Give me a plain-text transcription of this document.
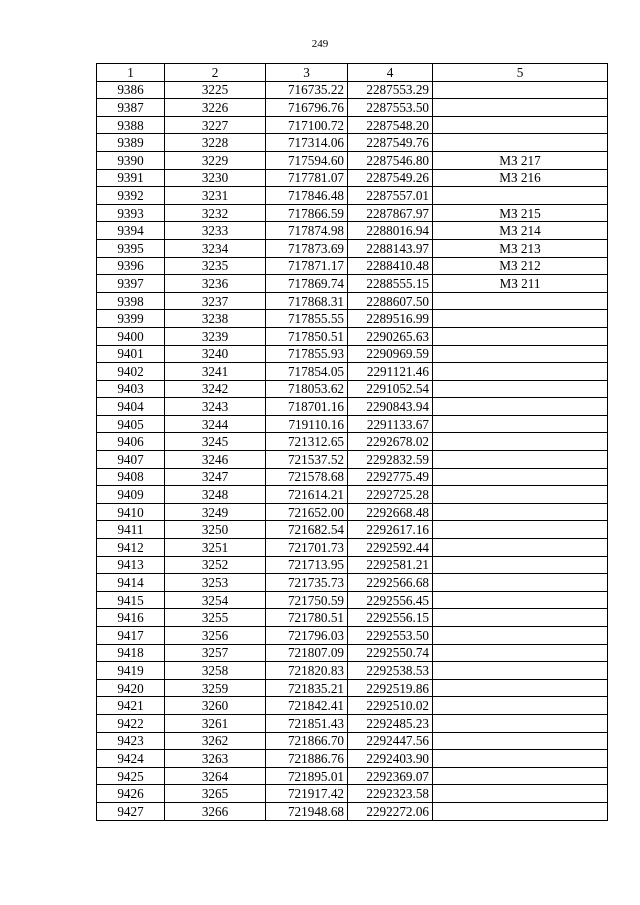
249
1	2	3	4	5
9386	3225	716735.22	2287553.29	
9387	3226	716796.76	2287553.50	
9388	3227	717100.72	2287548.20	
9389	3228	717314.06	2287549.76	
9390	3229	717594.60	2287546.80	МЗ 217
9391	3230	717781.07	2287549.26	МЗ 216
9392	3231	717846.48	2287557.01	
9393	3232	717866.59	2287867.97	МЗ 215
9394	3233	717874.98	2288016.94	МЗ 214
9395	3234	717873.69	2288143.97	МЗ 213
9396	3235	717871.17	2288410.48	МЗ 212
9397	3236	717869.74	2288555.15	МЗ 211
9398	3237	717868.31	2288607.50	
9399	3238	717855.55	2289516.99	
9400	3239	717850.51	2290265.63	
9401	3240	717855.93	2290969.59	
9402	3241	717854.05	2291121.46	
9403	3242	718053.62	2291052.54	
9404	3243	718701.16	2290843.94	
9405	3244	719110.16	2291133.67	
9406	3245	721312.65	2292678.02	
9407	3246	721537.52	2292832.59	
9408	3247	721578.68	2292775.49	
9409	3248	721614.21	2292725.28	
9410	3249	721652.00	2292668.48	
9411	3250	721682.54	2292617.16	
9412	3251	721701.73	2292592.44	
9413	3252	721713.95	2292581.21	
9414	3253	721735.73	2292566.68	
9415	3254	721750.59	2292556.45	
9416	3255	721780.51	2292556.15	
9417	3256	721796.03	2292553.50	
9418	3257	721807.09	2292550.74	
9419	3258	721820.83	2292538.53	
9420	3259	721835.21	2292519.86	
9421	3260	721842.41	2292510.02	
9422	3261	721851.43	2292485.23	
9423	3262	721866.70	2292447.56	
9424	3263	721886.76	2292403.90	
9425	3264	721895.01	2292369.07	
9426	3265	721917.42	2292323.58	
9427	3266	721948.68	2292272.06	
